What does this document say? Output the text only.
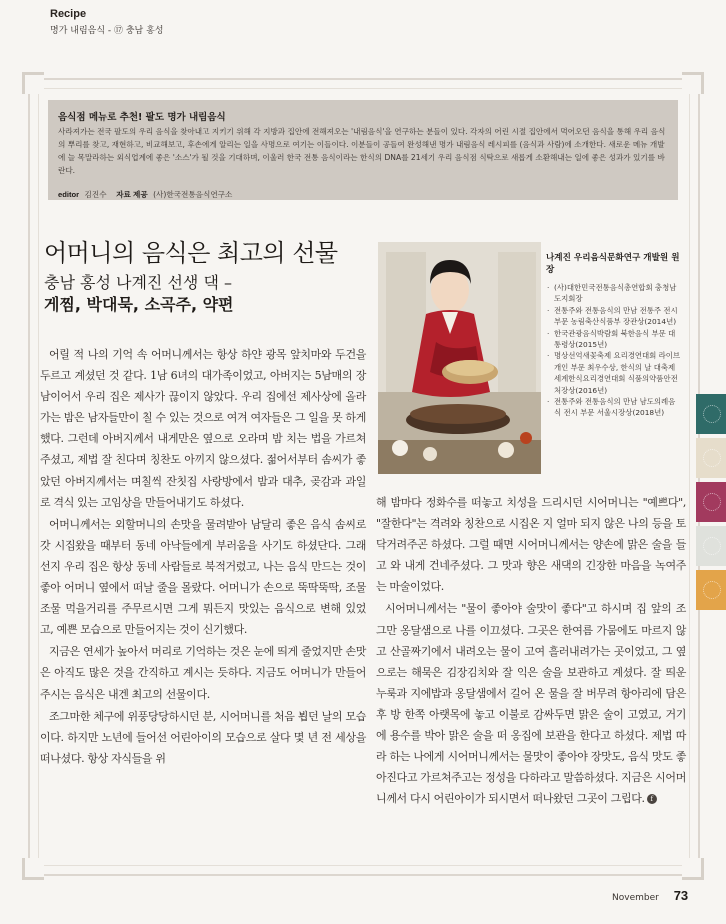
Recipe
명가 내림음식 - ⑰ 충남 홍성
음식점 메뉴로 추천! 팔도 명가 내림음식
사라져가는 전국 팔도의 우리 음식을 찾아내고 지키기 위해 각 지방과 집안에 전해져오는 '내림음식'을 연구하는 분들이 있다. 각자의 어린 시절 집안에서 먹어오던 음식을 통해 우리 음식의 뿌리를 찾고, 재현하고, 비교해보고, 후손에게 알리는 일을 사명으로 여기는 이들이다. 이분들이 공들여 완성해낸 명가 내림음식 레시피를 (음식과 사람)에 소개한다. 새로운 메뉴 개발에 늘 목말라하는 외식업계에 좋은 '소스'가 될 것을 기대하며, 이울러 한국 전통 음식이라는 한식의 DNA를 21세기 우리 음식점 식탁으로 새롭게 소환해내는 일에 좋은 성과가 있기를 바란다.
editor 김진수 자료 제공 (사)한국전통음식연구소
어머니의 음식은 최고의 선물
충남 홍성 나계진 선생 댁 –
게찜, 박대묵, 소곡주, 약편
나계진 우리음식문화연구 개발원 원장
· (사)대한민국전통음식총연합회 충청남도지회장
· 전통주와 전통음식의 만남 전통주 전시 부문 농림축산식품부 장관상(2014년)
· 한국관광음식박람회 북한음식 부문 대통령상(2015년)
· 명상선억새꽃축제 요리경연대회 라이브 개인 부문 최우수상, 한식의 날 대축제 세계한식요리경연대회 식품의약품안전처장상(2016년)
· 전통주와 전통음식의 만남 남도의례음식 전시 부문 서울시장상(2018년)

어릴 적 나의 기억 속 어머니께서는 항상 하얀 광목 앞치마와 두건을 두르고 계셨던 것 같다. 1남 6녀의 대가족이었고, 아버지는 5남매의 장남이어서 우리 집은 제사가 끊이지 않았다. 우리 집에선 제사상에 올라가는 밤은 남자들만이 칠 수 있는 것으로 여겨 여자들은 그 일을 못 하게 했다. 그런데 아버지께서 내게만은 옆으로 오라며 밤 치는 법을 가르쳐주셨고, 제법 잘 친다며 칭찬도 아끼지 않으셨다. 젊어서부터 솜씨가 좋았던 아버지께서는 며칠씩 잔칫집 사랑방에서 밤과 대추, 곶감과 과일로 격식 있는 고임상을 만들어내기도 하셨다.

어머니께서는 외할머니의 손맛을 물려받아 남달리 좋은 음식 솜씨로 갓 시집왔을 때부터 동네 아낙들에게 부러움을 사기도 하셨단다. 그래선지 우리 집은 항상 동네 사람들로 북적거렸고, 나는 음식 만드는 것이 좋아 어머니 옆에서 떠날 줄을 몰랐다. 어머니가 손으로 뚝딱뚝딱, 조물조물 먹을거리를 주무르시면 그게 뭐든지 맛있는 음식으로 변해 있었고, 예쁜 모습으로 만들어지는 것이 신기했다.

지금은 연세가 높아서 머리로 기억하는 것은 눈에 띄게 줄었지만 손맛은 아직도 많은 것을 간직하고 계시는 듯하다. 지금도 어머니가 만들어주시는 음식은 내겐 최고의 선물이다.

조그마한 체구에 위풍당당하시던 분, 시어머니를 처음 뵙던 날의 모습이다. 하지만 노년에 들어선 어린아이의 모습으로 살다 몇 년 전 세상을 떠나셨다. 항상 자식들을 위

해 밤마다 정화수를 떠놓고 치성을 드리시던 시어머니는 "예쁘다", "잘한다"는 격려와 칭찬으로 시집온 지 얼마 되지 않은 나의 등을 토닥거려주곤 하셨다. 그럴 때면 시어머니께서는 양손에 맑은 술을 들고 와 내게 건네주셨다. 그 맛과 향은 새댁의 긴장한 마음을 녹여주는 마술이었다.

시어머니께서는 "물이 좋아야 술맛이 좋다"고 하시며 집 앞의 조그만 옹달샘으로 나를 이끄셨다. 그곳은 한여름 가뭄에도 마르지 않고 산골짜기에서 내려오는 물이 고여 흘러내려가는 곳이었고, 그 옆으로는 해묵은 김장김치와 잘 익은 술을 보관하고 계셨다. 잘 띄운 누룩과 지에밥과 옹달샘에서 길어 온 물을 잘 버무려 항아리에 담은 후 방 한쪽 아랫목에 놓고 이불로 감싸두면 맑은 술이 고였고, 거기에 용수를 박아 맑은 술을 떠 옹집에 보관을 한다고 하셨다. 제법 따라 하는 나에게 시어머니께서는 물맛이 좋아야 장맛도, 음식 맛도 좋아진다고 가르쳐주고는 정성을 다하라고 말씀하셨다. 지금은 시어머니께서 다시 어린아이가 되시면서 떠나왔던 그곳이 그립다. f

November 73
